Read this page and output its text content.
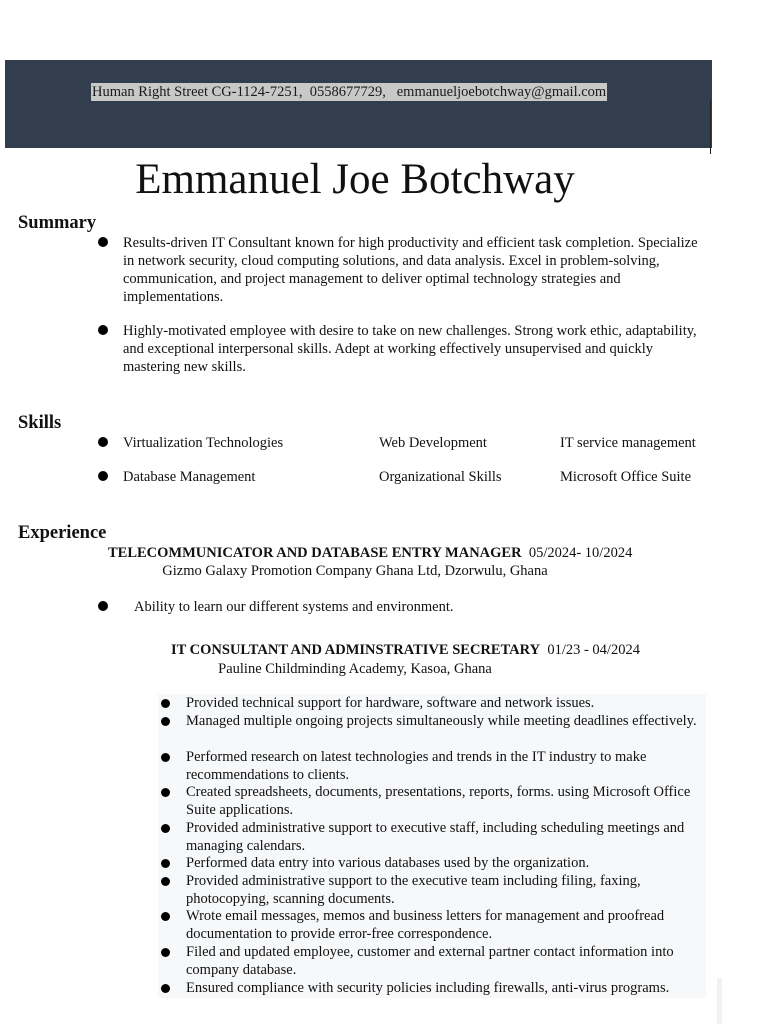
Human Right Street CG-1124-7251,  0558677729,   emmanueljoebotchway@gmail.com
Emmanuel Joe Botchway
Summary
Results-driven IT Consultant known for high productivity and efficient task completion. Specialize in network security, cloud computing solutions, and data analysis. Excel in problem-solving, communication, and project management to deliver optimal technology strategies and implementations.
Highly-motivated employee with desire to take on new challenges. Strong work ethic, adaptability, and exceptional interpersonal skills. Adept at working effectively unsupervised and quickly mastering new skills.
Skills
Virtualization Technologies	Web Development	IT service management
Database Management	Organizational Skills	Microsoft Office Suite
Experience
TELECOMMUNICATOR AND DATABASE ENTRY MANAGER 05/2024- 10/2024
Gizmo Galaxy Promotion Company Ghana Ltd, Dzorwulu, Ghana
Ability to learn our different systems and environment.
IT CONSULTANT AND ADMINSTRATIVE SECRETARY 01/23 - 04/2024
Pauline Childminding Academy, Kasoa, Ghana
Provided technical support for hardware, software and network issues.
Managed multiple ongoing projects simultaneously while meeting deadlines effectively.
Performed research on latest technologies and trends in the IT industry to make recommendations to clients.
Created spreadsheets, documents, presentations, reports, forms. using Microsoft Office Suite applications.
Provided administrative support to executive staff, including scheduling meetings and managing calendars.
Performed data entry into various databases used by the organization.
Provided administrative support to the executive team including filing, faxing, photocopying, scanning documents.
Wrote email messages, memos and business letters for management and proofread documentation to provide error-free correspondence.
Filed and updated employee, customer and external partner contact information into company database.
Ensured compliance with security policies including firewalls, anti-virus programs.
